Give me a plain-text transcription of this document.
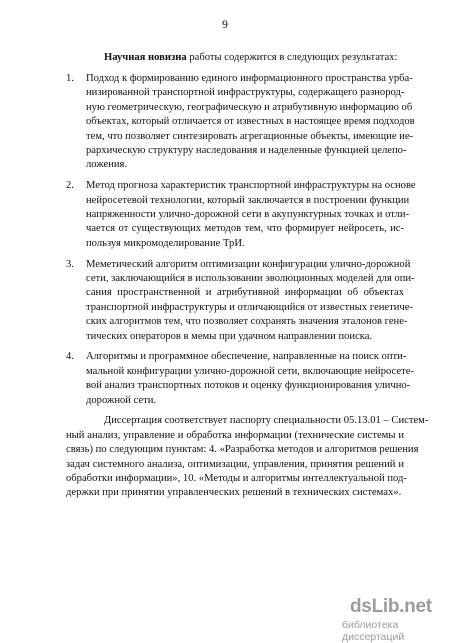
9
Научная новизна работы содержится в следующих результатах:
1. Подход к формированию единого информационного пространства урба-
низированной транспортной инфраструктуры, содержащего разнород-
ную геометрическую, географическую и атрибутивную информацию об
объектах, который отличается от известных в настоящее время подходов
тем, что позволяет синтезировать агрегационные объекты, имеющие ие-
рархическую структуру наследования и наделенные функцией целепо-
ложения.
2. Метод прогноза характеристик транспортной инфраструктуры на основе
нейросетевой технологии, который заключается в построении функции
напряженности улично-дорожной сети в акупунктурных точках и отли-
чается от существующих методов тем, что формирует нейросеть, ис-
пользуя микромоделирование ТрИ.
3. Меметический алгоритм оптимизации конфигурации улично-дорожной
сети, заключающийся в использовании эволюционных моделей для опи-
сания пространственной и атрибутивной информации об объектах
транспортной инфраструктуры и отличающийся от известных генетиче-
ских алгоритмов тем, что позволяет сохранять значения эталонов гене-
тических операторов в мемы при удачном направлении поиска.
4. Алгоритмы и программное обеспечение, направленные на поиск опти-
мальной конфигурации улично-дорожной сети, включающие нейросете-
вой анализ транспортных потоков и оценку функционирования улично-
дорожной сети.
Диссертация соответствует паспорту специальности 05.13.01 – Систем-
ный анализ, управление и обработка информации (технические системы и
связь) по следующим пунктам: 4. «Разработка методов и алгоритмов решения
задач системного анализа, оптимизации, управления, принятия решений и
обработки информации», 10. «Методы и алгоритмы интеллектуальной под-
держки при принятии управленческих решений в технических системах».
dsLib.net
библиотека диссертаций
